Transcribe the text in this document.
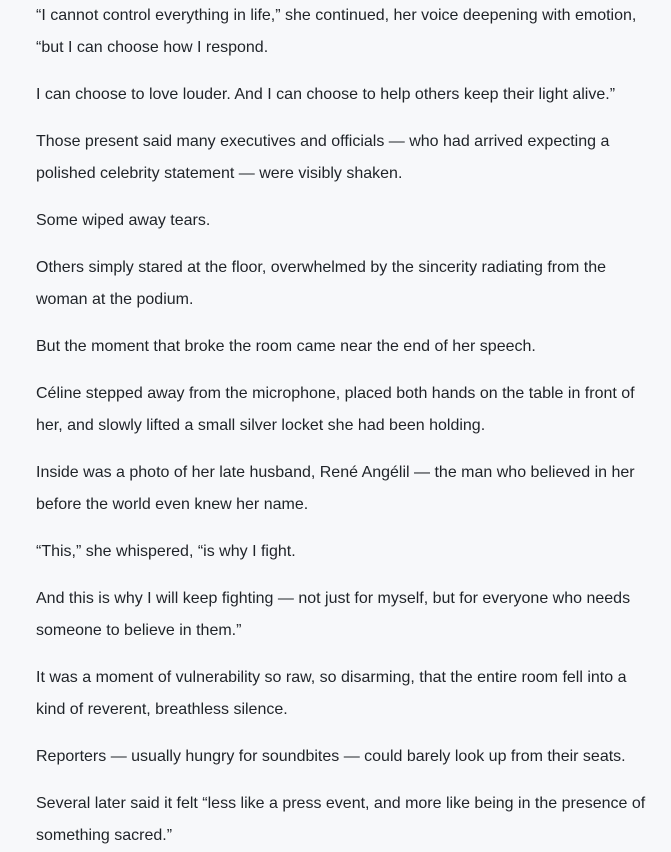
“I cannot control everything in life,” she continued, her voice deepening with emotion, “but I can choose how I respond.

I can choose to love louder. And I can choose to help others keep their light alive.”

Those present said many executives and officials — who had arrived expecting a polished celebrity statement — were visibly shaken.

Some wiped away tears.

Others simply stared at the floor, overwhelmed by the sincerity radiating from the woman at the podium.

But the moment that broke the room came near the end of her speech.

Céline stepped away from the microphone, placed both hands on the table in front of her, and slowly lifted a small silver locket she had been holding.

Inside was a photo of her late husband, René Angélil — the man who believed in her before the world even knew her name.

“This,” she whispered, “is why I fight.

And this is why I will keep fighting — not just for myself, but for everyone who needs someone to believe in them.”

It was a moment of vulnerability so raw, so disarming, that the entire room fell into a kind of reverent, breathless silence.

Reporters — usually hungry for soundbites — could barely look up from their seats.

Several later said it felt “less like a press event, and more like being in the presence of something sacred.”
